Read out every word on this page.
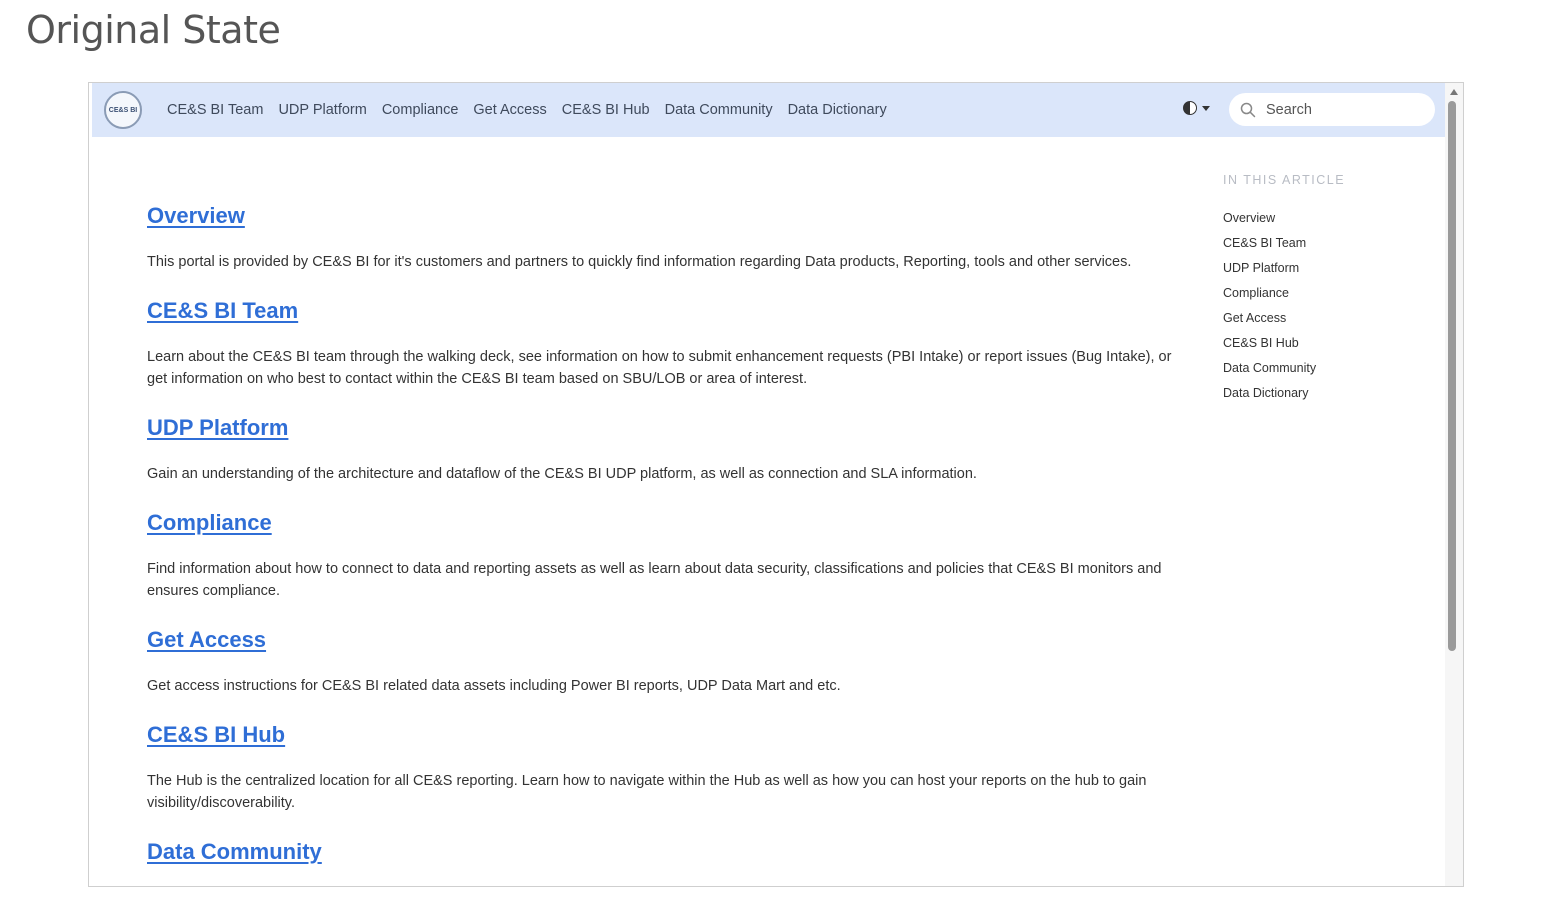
Original State
CE&S BI CE&S BI Team UDP Platform Compliance Get Access CE&S BI Hub Data Community Data Dictionary
Search
Overview

This portal is provided by CE&S BI for it's customers and partners to quickly find information regarding Data products, Reporting, tools and other services.

CE&S BI Team

Learn about the CE&S BI team through the walking deck, see information on how to submit enhancement requests (PBI Intake) or report issues (Bug Intake), or get information on who best to contact within the CE&S BI team based on SBU/LOB or area of interest.

UDP Platform

Gain an understanding of the architecture and dataflow of the CE&S BI UDP platform, as well as connection and SLA information.

Compliance

Find information about how to connect to data and reporting assets as well as learn about data security, classifications and policies that CE&S BI monitors and ensures compliance.

Get Access

Get access instructions for CE&S BI related data assets including Power BI reports, UDP Data Mart and etc.

CE&S BI Hub

The Hub is the centralized location for all CE&S reporting. Learn how to navigate within the Hub as well as how you can host your reports on the hub to gain visibility/discoverability.

Data Community
IN THIS ARTICLE
Overview
CE&S BI Team
UDP Platform
Compliance
Get Access
CE&S BI Hub
Data Community
Data Dictionary
